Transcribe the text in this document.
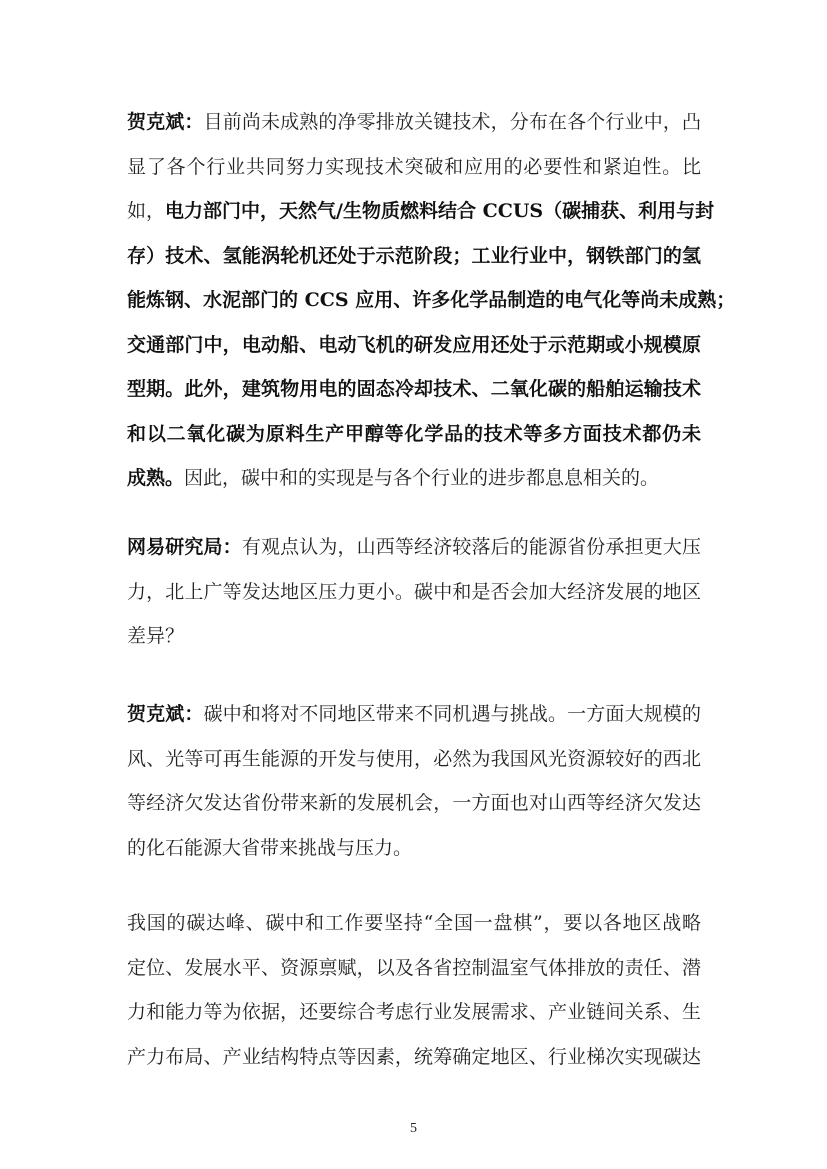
贺克斌：目前尚未成熟的净零排放关键技术，分布在各个行业中，凸
显了各个行业共同努力实现技术突破和应用的必要性和紧迫性。比
如，电力部门中，天然气/生物质燃料结合 CCUS（碳捕获、利用与封
存）技术、氢能涡轮机还处于示范阶段；工业行业中，钢铁部门的氢
能炼钢、水泥部门的 CCS 应用、许多化学品制造的电气化等尚未成熟；
交通部门中，电动船、电动飞机的研发应用还处于示范期或小规模原
型期。此外，建筑物用电的固态冷却技术、二氧化碳的船舶运输技术
和以二氧化碳为原料生产甲醇等化学品的技术等多方面技术都仍未
成熟。因此，碳中和的实现是与各个行业的进步都息息相关的。
网易研究局：有观点认为，山西等经济较落后的能源省份承担更大压
力，北上广等发达地区压力更小。碳中和是否会加大经济发展的地区
差异？
贺克斌：碳中和将对不同地区带来不同机遇与挑战。一方面大规模的
风、光等可再生能源的开发与使用，必然为我国风光资源较好的西北
等经济欠发达省份带来新的发展机会，一方面也对山西等经济欠发达
的化石能源大省带来挑战与压力。
我国的碳达峰、碳中和工作要坚持“全国一盘棋”，要以各地区战略
定位、发展水平、资源禀赋，以及各省控制温室气体排放的责任、潜
力和能力等为依据，还要综合考虑行业发展需求、产业链间关系、生
产力布局、产业结构特点等因素，统筹确定地区、行业梯次实现碳达
5
